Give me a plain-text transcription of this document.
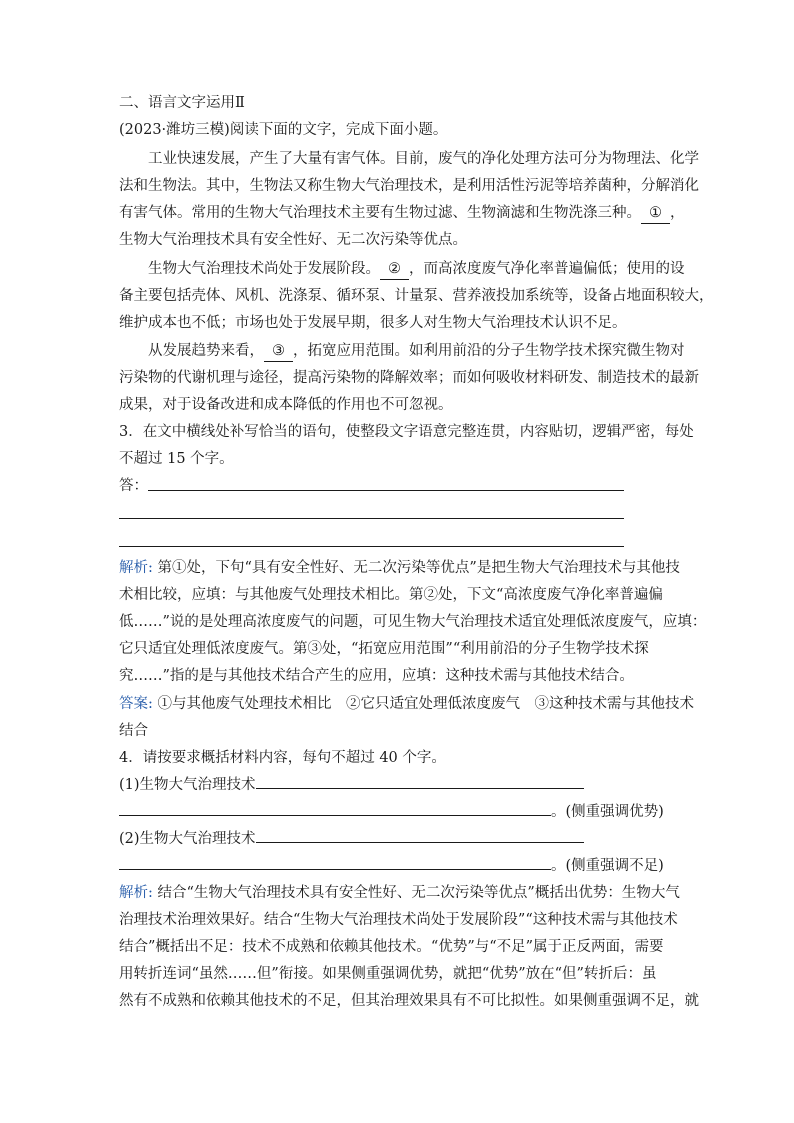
二、语言文字运用Ⅱ
(2023·潍坊三模)阅读下面的文字，完成下面小题。
工业快速发展，产生了大量有害气体。目前，废气的净化处理方法可分为物理法、化学
法和生物法。其中，生物法又称生物大气治理技术，是利用活性污泥等培养菌种，分解消化
有害气体。常用的生物大气治理技术主要有生物过滤、生物滴滤和生物洗涤三种。 ① ，
生物大气治理技术具有安全性好、无二次污染等优点。
生物大气治理技术尚处于发展阶段。 ② ，而高浓度废气净化率普遍偏低；使用的设
备主要包括壳体、风机、洗涤泵、循环泵、计量泵、营养液投加系统等，设备占地面积较大，
维护成本也不低；市场也处于发展早期，很多人对生物大气治理技术认识不足。
从发展趋势来看， ③ ，拓宽应用范围。如利用前沿的分子生物学技术探究微生物对
污染物的代谢机理与途径，提高污染物的降解效率；而如何吸收材料研发、制造技术的最新
成果，对于设备改进和成本降低的作用也不可忽视。
3．在文中横线处补写恰当的语句，使整段文字语意完整连贯，内容贴切，逻辑严密，每处
不超过 15 个字。
答：
解析: 第①处，下句“具有安全性好、无二次污染等优点”是把生物大气治理技术与其他技
术相比较，应填：与其他废气处理技术相比。第②处，下文“高浓度废气净化率普遍偏
低……”说的是处理高浓度废气的问题，可见生物大气治理技术适宜处理低浓度废气，应填：
它只适宜处理低浓度废气。第③处，“拓宽应用范围”“利用前沿的分子生物学技术探
究……”指的是与其他技术结合产生的应用，应填：这种技术需与其他技术结合。
答案: ①与其他废气处理技术相比　②它只适宜处理低浓度废气　③这种技术需与其他技术
结合
4．请按要求概括材料内容，每句不超过 40 个字。
(1)生物大气治理技术
。(侧重强调优势)
(2)生物大气治理技术
。(侧重强调不足)
解析: 结合“生物大气治理技术具有安全性好、无二次污染等优点”概括出优势：生物大气
治理技术治理效果好。结合“生物大气治理技术尚处于发展阶段”“这种技术需与其他技术
结合”概括出不足：技术不成熟和依赖其他技术。“优势”与“不足”属于正反两面，需要
用转折连词“虽然……但”衔接。如果侧重强调优势，就把“优势”放在“但”转折后：虽
然有不成熟和依赖其他技术的不足，但其治理效果具有不可比拟性。如果侧重强调不足，就
